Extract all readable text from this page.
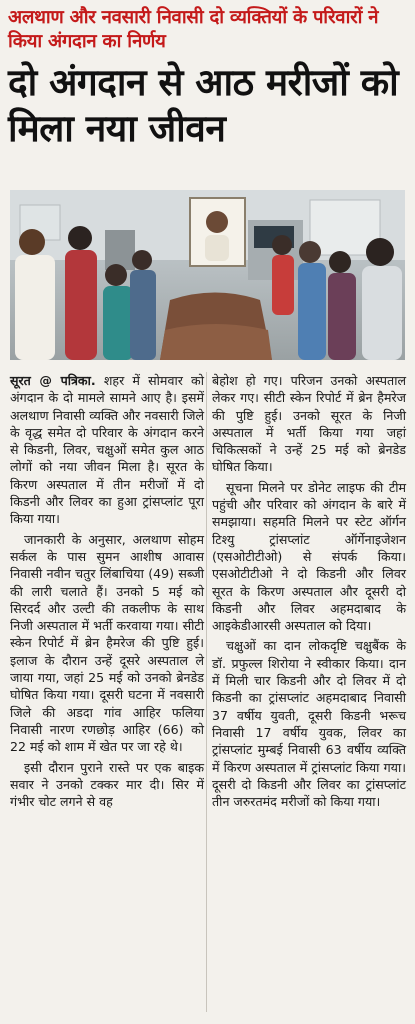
अलथाण और नवसारी निवासी दो व्यक्तियों के परिवारों ने किया अंगदान का निर्णय
दो अंगदान से आठ मरीजों को मिला नया जीवन

सूरत @ पत्रिका. शहर में सोमवार को अंगदान के दो मामले सामने आए है। इसमें अलथाण निवासी व्यक्ति और नवसारी जिले के वृद्ध समेत दो परिवार के अंगदान करने से किडनी, लिवर, चक्षुओं समेत कुल आठ लोगों को नया जीवन मिला है। सूरत के किरण अस्पताल में तीन मरीजों में दो किडनी और लिवर का हुआ ट्रांसप्लांट पूरा किया गया।

जानकारी के अनुसार, अलथाण सोहम सर्कल के पास सुमन आशीष आवास निवासी नवीन चतुर लिंबाचिया (49) सब्जी की लारी चलाते हैं। उनको 5 मई को सिरदर्द और उल्टी की तकलीफ के साथ निजी अस्पताल में भर्ती करवाया गया। सीटी स्केन रिपोर्ट में ब्रेन हैमरेज की पुष्टि हुई। इलाज के दौरान उन्हें दूसरे अस्पताल ले जाया गया, जहां 25 मई को उनको ब्रेनडेड घोषित किया गया। दूसरी घटना में नवसारी जिले की अडदा गांव आहिर फलिया निवासी नारण रणछोड़ आहिर (66) को 22 मई को शाम में खेत पर जा रहे थे।

इसी दौरान पुराने रास्ते पर एक बाइक सवार ने उनको टक्कर मार दी। सिर में गंभीर चोट लगने से वह

बेहोश हो गए। परिजन उनको अस्पताल लेकर गए। सीटी स्केन रिपोर्ट में ब्रेन हैमरेज की पुष्टि हुई। उनको सूरत के निजी अस्पताल में भर्ती किया गया जहां चिकित्सकों ने उन्हें 25 मई को ब्रेनडेड घोषित किया।

सूचना मिलने पर डोनेट लाइफ की टीम पहुंची और परिवार को अंगदान के बारे में समझाया। सहमति मिलने पर स्टेट ऑर्गन टिश्यु ट्रांसप्लांट ऑर्गेनाइजेशन (एसओटीटीओ) से संपर्क किया। एसओटीटीओ ने दो किडनी और लिवर सूरत के किरण अस्पताल और दूसरी दो किडनी और लिवर अहमदाबाद के आइकेडीआरसी अस्पताल को दिया।

चक्षुओं का दान लोकदृष्टि चक्षुबैंक के डॉ. प्रफुल्ल शिरोया ने स्वीकार किया। दान में मिली चार किडनी और दो लिवर में दो किडनी का ट्रांसप्लांट अहमदाबाद निवासी 37 वर्षीय युवती, दूसरी किडनी भरूच निवासी 17 वर्षीय युवक, लिवर का ट्रांसप्लांट मुम्बई निवासी 63 वर्षीय व्यक्ति में किरण अस्पताल में ट्रांसप्लांट किया गया। दूसरी दो किडनी और लिवर का ट्रांसप्लांट तीन जरुरतमंद मरीजों को किया गया।
